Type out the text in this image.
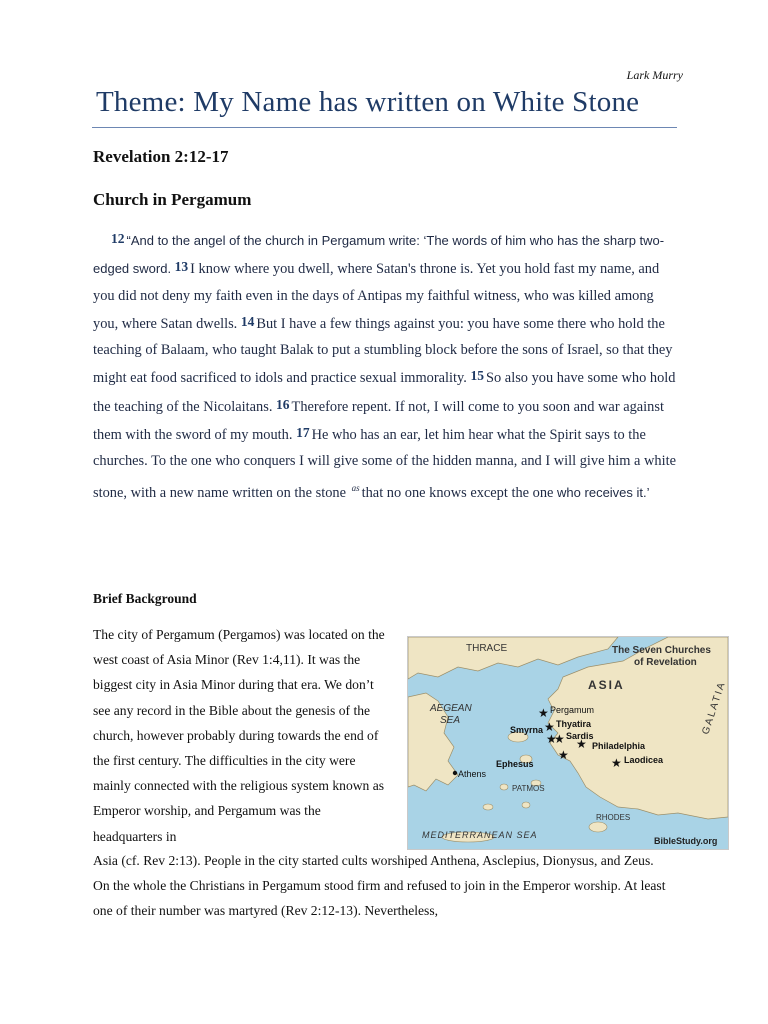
Lark Murry
Theme: My Name has written on White Stone
Revelation 2:12-17
Church in Pergamum

12 “And to the angel of the church in Pergamum write: ‘The words of him who has the sharp two-edged sword. 13 I know where you dwell, where Satan's throne is. Yet you hold fast my name, and you did not deny my faith even in the days of Antipas my faithful witness, who was killed among you, where Satan dwells. 14 But I have a few things against you: you have some there who hold the teaching of Balaam, who taught Balak to put a stumbling block before the sons of Israel, so that they might eat food sacrificed to idols and practice sexual immorality. 15 So also you have some who hold the teaching of the Nicolaitans. 16 Therefore repent. If not, I will come to you soon and war against them with the sword of my mouth. 17 He who has an ear, let him hear what the Spirit says to the churches. To the one who conquers I will give some of the hidden manna, and I will give him a white stone, with a new name written on the stone $^{as}$ that no one knows except the one who receives it.’

Brief Background

The city of Pergamum (Pergamos) was located on the west coast of Asia Minor (Rev 1:4,11). It was the biggest city in Asia Minor during that era. We don’t see any record in the Bible about the genesis of the church, however probably during towards the end of the first century. The difficulties in the city were mainly connected with the religious system known as Emperor worship, and Pergamum was the headquarters in

THRACE	The Seven Churches
of Revelation
ASIA	GALATIA
AEGEAN
SEA
Pergamum
Thyatira
Sardis
Philadelphia
Laodicea
Smyrna
Ephesus
Athens
PATMOS
RHODES
MEDITERRANEAN SEA
BibleStudy.org
★
★
★ ★
★
★
★

Asia (cf. Rev 2:13). People in the city started cults worshiped Anthena, Asclepius, Dionysus, and Zeus. On the whole the Christians in Pergamum stood firm and refused to join in the Emperor worship. At least one of their number was martyred (Rev 2:12-13). Nevertheless,
